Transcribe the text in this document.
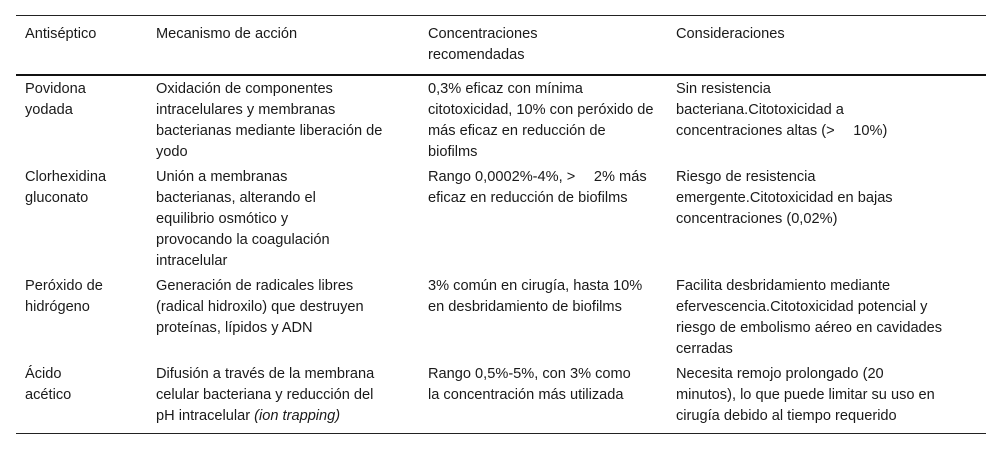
Antiséptico	Mecanismo de acción	Concentraciones recomendadas	Consideraciones

Povidona yodada	Oxidación de componentes intracelulares y membranas bacterianas mediante liberación de yodo	0,3% eficaz con mínima citotoxicidad, 10% con peróxido de más eficaz en reducción de biofilms	Sin resistencia bacteriana.Citotoxicidad a concentraciones altas (>  10%)

Clorhexidina gluconato	Unión a membranas bacterianas, alterando el equilibrio osmótico y provocando la coagulación intracelular	Rango 0,0002%-4%, >  2% más eficaz en reducción de biofilms	Riesgo de resistencia emergente.Citotoxicidad en bajas concentraciones (0,02%)

Peróxido de hidrógeno	Generación de radicales libres (radical hidroxilo) que destruyen proteínas, lípidos y ADN	3% común en cirugía, hasta 10% en desbridamiento de biofilms	Facilita desbridamiento mediante efervescencia.Citotoxicidad potencial y riesgo de embolismo aéreo en cavidades cerradas

Ácido acético	Difusión a través de la membrana celular bacteriana y reducción del pH intracelular (ion trapping)	Rango 0,5%-5%, con 3% como la concentración más utilizada	Necesita remojo prolongado (20  minutos), lo que puede limitar su uso en cirugía debido al tiempo requerido
